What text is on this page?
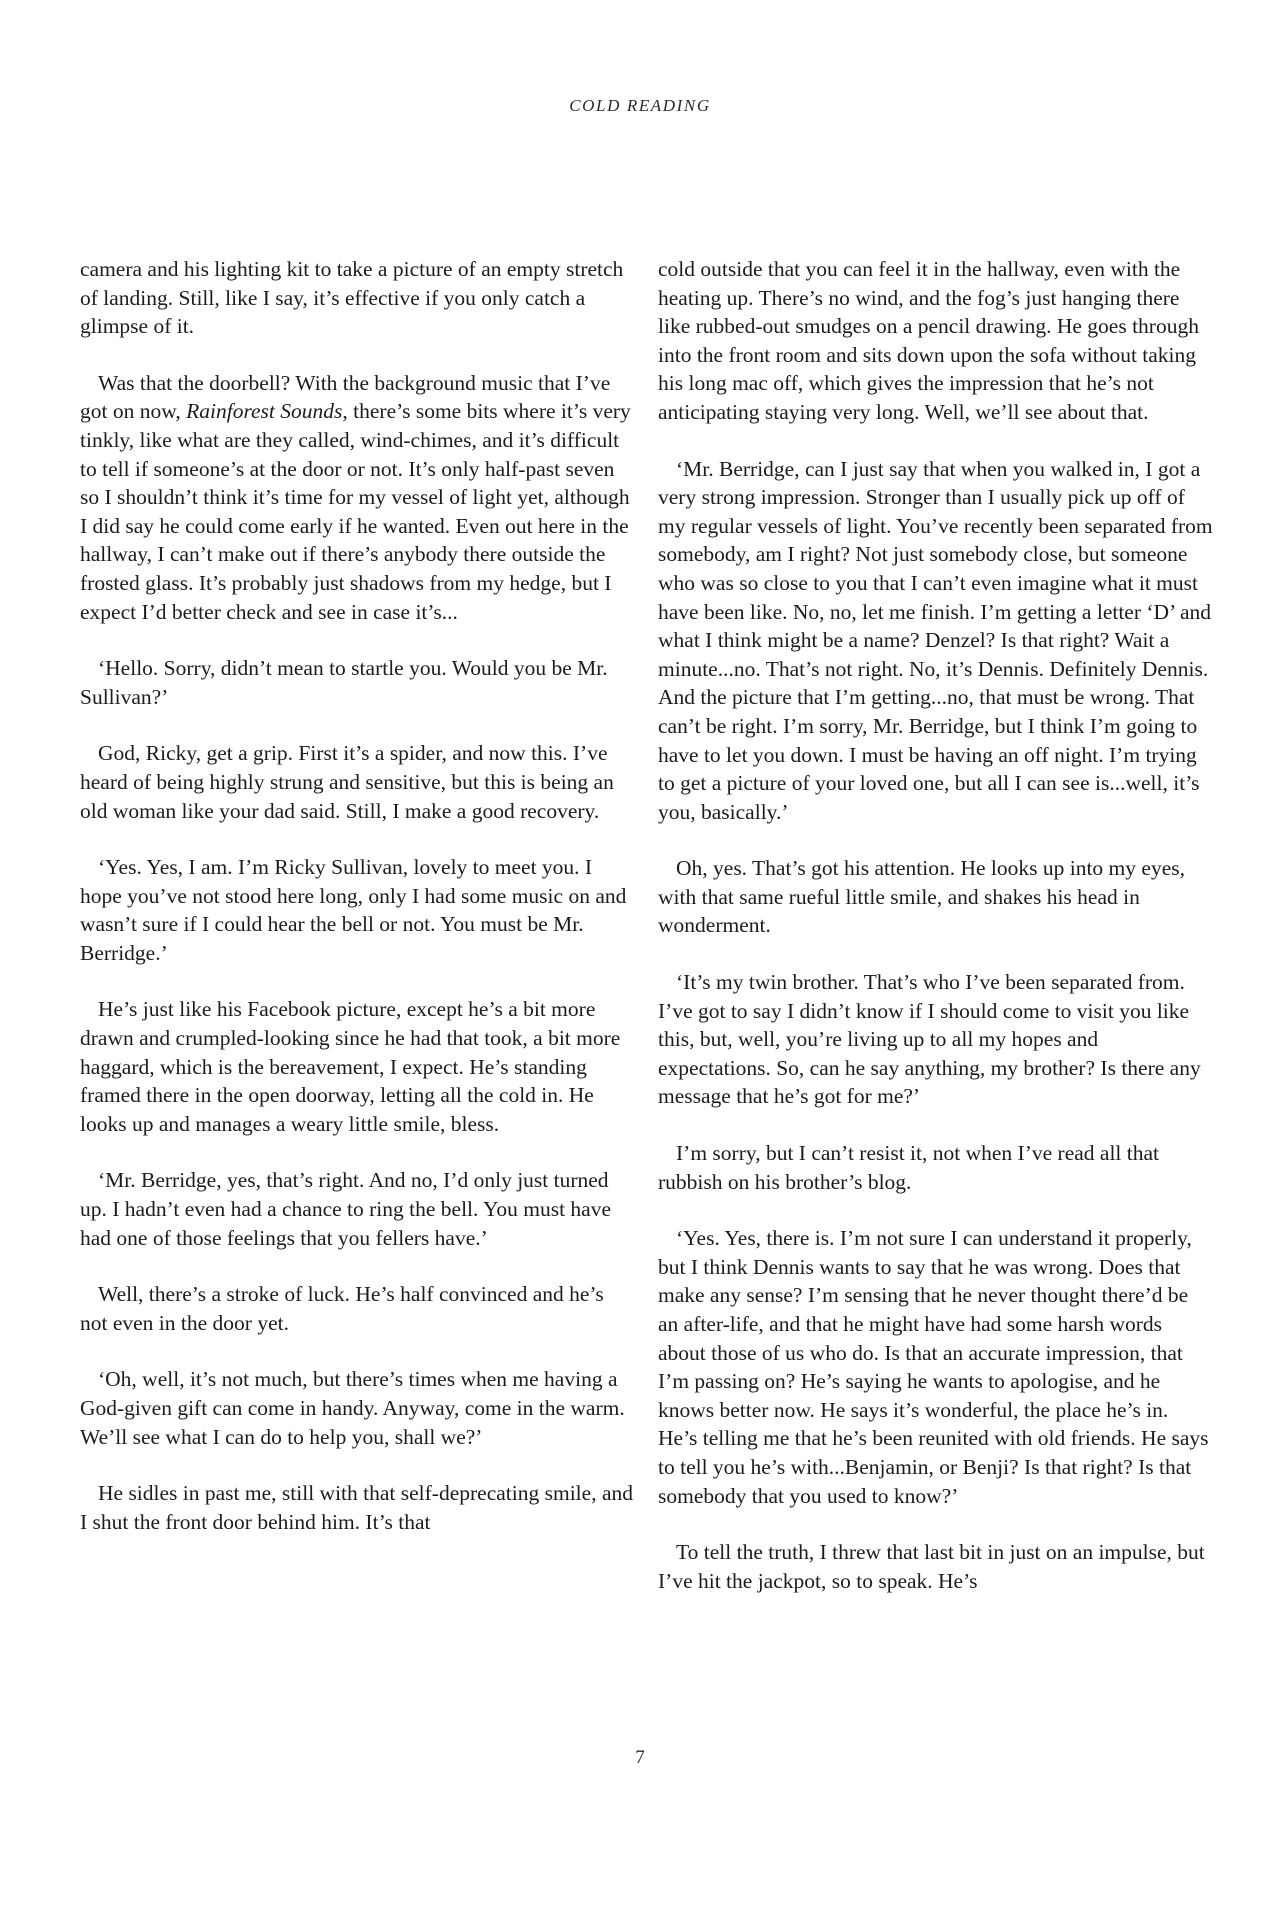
COLD READING

camera and his lighting kit to take a picture of an empty stretch of landing. Still, like I say, it’s effective if you only catch a glimpse of it.

Was that the doorbell? With the background music that I’ve got on now, Rainforest Sounds, there’s some bits where it’s very tinkly, like what are they called, wind-chimes, and it’s difficult to tell if someone’s at the door or not. It’s only half-past seven so I shouldn’t think it’s time for my vessel of light yet, although I did say he could come early if he wanted. Even out here in the hallway, I can’t make out if there’s anybody there outside the frosted glass. It’s probably just shadows from my hedge, but I expect I’d better check and see in case it’s...

‘Hello. Sorry, didn’t mean to startle you. Would you be Mr. Sullivan?’

God, Ricky, get a grip. First it’s a spider, and now this. I’ve heard of being highly strung and sensitive, but this is being an old woman like your dad said. Still, I make a good recovery.

‘Yes. Yes, I am. I’m Ricky Sullivan, lovely to meet you. I hope you’ve not stood here long, only I had some music on and wasn’t sure if I could hear the bell or not. You must be Mr. Berridge.’

He’s just like his Facebook picture, except he’s a bit more drawn and crumpled-looking since he had that took, a bit more haggard, which is the bereavement, I expect. He’s standing framed there in the open doorway, letting all the cold in. He looks up and manages a weary little smile, bless.

‘Mr. Berridge, yes, that’s right. And no, I’d only just turned up. I hadn’t even had a chance to ring the bell. You must have had one of those feelings that you fellers have.’

Well, there’s a stroke of luck. He’s half convinced and he’s not even in the door yet.

‘Oh, well, it’s not much, but there’s times when me having a God-given gift can come in handy. Anyway, come in the warm. We’ll see what I can do to help you, shall we?’

He sidles in past me, still with that self-deprecating smile, and I shut the front door behind him. It’s that

cold outside that you can feel it in the hallway, even with the heating up. There’s no wind, and the fog’s just hanging there like rubbed-out smudges on a pencil drawing. He goes through into the front room and sits down upon the sofa without taking his long mac off, which gives the impression that he’s not anticipating staying very long. Well, we’ll see about that.

‘Mr. Berridge, can I just say that when you walked in, I got a very strong impression. Stronger than I usually pick up off of my regular vessels of light. You’ve recently been separated from somebody, am I right? Not just somebody close, but someone who was so close to you that I can’t even imagine what it must have been like. No, no, let me finish. I’m getting a letter ‘D’ and what I think might be a name? Denzel? Is that right? Wait a minute...no. That’s not right. No, it’s Dennis. Definitely Dennis. And the picture that I’m getting...no, that must be wrong. That can’t be right. I’m sorry, Mr. Berridge, but I think I’m going to have to let you down. I must be having an off night. I’m trying to get a picture of your loved one, but all I can see is...well, it’s you, basically.’

Oh, yes. That’s got his attention. He looks up into my eyes, with that same rueful little smile, and shakes his head in wonderment.

‘It’s my twin brother. That’s who I’ve been separated from. I’ve got to say I didn’t know if I should come to visit you like this, but, well, you’re living up to all my hopes and expectations. So, can he say anything, my brother? Is there any message that he’s got for me?’

I’m sorry, but I can’t resist it, not when I’ve read all that rubbish on his brother’s blog.

‘Yes. Yes, there is. I’m not sure I can understand it properly, but I think Dennis wants to say that he was wrong. Does that make any sense? I’m sensing that he never thought there’d be an after-life, and that he might have had some harsh words about those of us who do. Is that an accurate impression, that I’m passing on? He’s saying he wants to apologise, and he knows better now. He says it’s wonderful, the place he’s in. He’s telling me that he’s been reunited with old friends. He says to tell you he’s with...Benjamin, or Benji? Is that right? Is that somebody that you used to know?’

To tell the truth, I threw that last bit in just on an impulse, but I’ve hit the jackpot, so to speak. He’s

7
